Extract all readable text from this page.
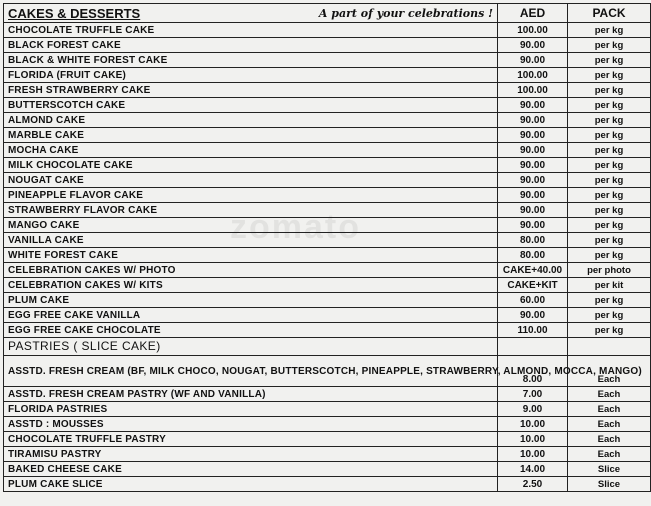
zomato
CAKES & DESSERTS	A part of your celebrations !	AED	PACK
CHOCOLATE TRUFFLE CAKE		100.00	per kg
BLACK FOREST CAKE		90.00	per kg
BLACK & WHITE FOREST CAKE		90.00	per kg
FLORIDA (FRUIT CAKE)		100.00	per kg
FRESH STRAWBERRY CAKE		100.00	per kg
BUTTERSCOTCH CAKE		90.00	per kg
ALMOND CAKE		90.00	per kg
MARBLE CAKE		90.00	per kg
MOCHA CAKE		90.00	per kg
MILK CHOCOLATE CAKE		90.00	per kg
NOUGAT CAKE		90.00	per kg
PINEAPPLE FLAVOR CAKE		90.00	per kg
STRAWBERRY FLAVOR CAKE		90.00	per kg
MANGO CAKE		90.00	per kg
VANILLA CAKE		80.00	per kg
WHITE FOREST CAKE		80.00	per kg
CELEBRATION CAKES W/ PHOTO		CAKE+40.00	per photo
CELEBRATION CAKES W/ KITS		CAKE+KIT	per kit
PLUM CAKE		60.00	per kg
EGG FREE CAKE VANILLA		90.00	per kg
EGG FREE CAKE CHOCOLATE		110.00	per kg
PASTRIES ( SLICE CAKE)			
ASSTD. FRESH CREAM (BF, MILK CHOCO, NOUGAT, BUTTERSCOTCH, PINEAPPLE, STRAWBERRY, ALMOND, MOCCA, MANGO)		8.00	Each
ASSTD. FRESH CREAM PASTRY (WF AND VANILLA)		7.00	Each
FLORIDA PASTRIES		9.00	Each
ASSTD : MOUSSES		10.00	Each
CHOCOLATE TRUFFLE PASTRY		10.00	Each
TIRAMISU PASTRY		10.00	Each
BAKED CHEESE CAKE		14.00	Slice
PLUM CAKE SLICE		2.50	Slice
